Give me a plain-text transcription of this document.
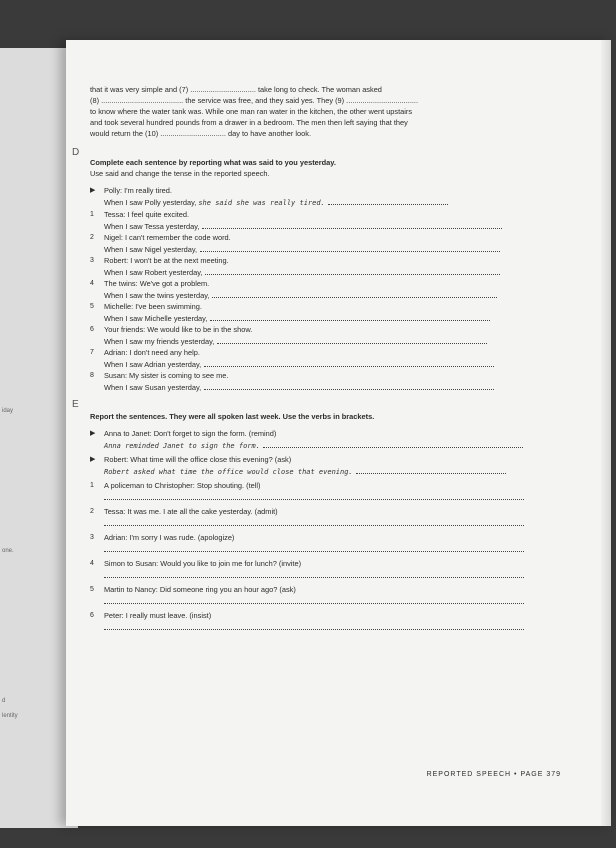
iday
one.
d
lentity

that it was very simple and (7) ................................ take long to check. The woman asked

(8) ........................................ the service was free, and they said yes. They (9) ...................................

to know where the water tank was. While one man ran water in the kitchen, the other went upstairs

and took several hundred pounds from a drawer in a bedroom. The men then left saying that they

would return the (10) ................................ day to have another look.

D

Complete each sentence by reporting what was said to you yesterday.

Use said and change the tense in the reported speech.

▶	Polly: I'm really tired.
When I saw Polly yesterday, she said she was really tired.
1	Tessa: I feel quite excited.
When I saw Tessa yesterday,
2	Nigel: I can't remember the code word.
When I saw Nigel yesterday,
3	Robert: I won't be at the next meeting.
When I saw Robert yesterday,
4	The twins: We've got a problem.
When I saw the twins yesterday,
5	Michelle: I've been swimming.
When I saw Michelle yesterday,
6	Your friends: We would like to be in the show.
When I saw my friends yesterday,
7	Adrian: I don't need any help.
When I saw Adrian yesterday,
8	Susan: My sister is coming to see me.
When I saw Susan yesterday,
E

Report the sentences. They were all spoken last week. Use the verbs in brackets.

▶	Anna to Janet: Don't forget to sign the form. (remind)
Anna reminded Janet to sign the form.
▶	Robert: What time will the office close this evening? (ask)
Robert asked what time the office would close that evening.
1	A policeman to Christopher: Stop shouting. (tell)
2	Tessa: It was me. I ate all the cake yesterday. (admit)
3	Adrian: I'm sorry I was rude. (apologize)
4	Simon to Susan: Would you like to join me for lunch? (invite)
5	Martin to Nancy: Did someone ring you an hour ago? (ask)
6	Peter: I really must leave. (insist)
REPORTED SPEECH • PAGE 379
